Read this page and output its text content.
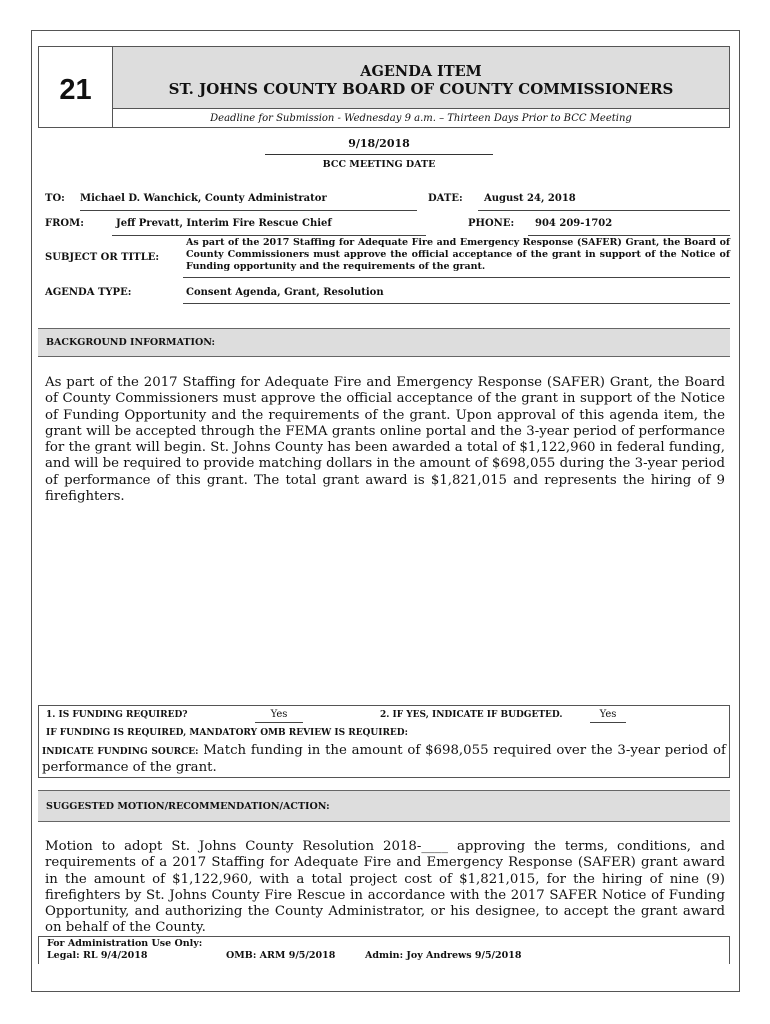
21
AGENDA ITEM
ST. JOHNS COUNTY BOARD OF COUNTY COMMISSIONERS
Deadline for Submission - Wednesday 9 a.m. – Thirteen Days Prior to BCC Meeting
9/18/2018
BCC MEETING DATE
TO: Michael D. Wanchick, County Administrator	DATE: August 24, 2018
FROM:	Jeff Prevatt, Interim Fire Rescue Chief	PHONE: 904 209-1702
SUBJECT OR TITLE:
As part of the 2017 Staffing for Adequate Fire and Emergency Response (SAFER) Grant, the Board of County Commissioners must approve the official acceptance of the grant in support of the Notice of Funding opportunity and the requirements of the grant.
AGENDA TYPE:	Consent Agenda, Grant, Resolution
BACKGROUND INFORMATION:
As part of the 2017 Staffing for Adequate Fire and Emergency Response (SAFER) Grant, the Board of County Commissioners must approve the official acceptance of the grant in support of the Notice of Funding Opportunity and the requirements of the grant. Upon approval of this agenda item, the grant will be accepted through the FEMA grants online portal and the 3-year period of performance for the grant will begin. St. Johns County has been awarded a total of $1,122,960 in federal funding, and will be required to provide matching dollars in the amount of $698,055 during the 3-year period of performance of this grant. The total grant award is $1,821,015 and represents the hiring of 9 firefighters.
1. IS FUNDING REQUIRED?	Yes	2. IF YES, INDICATE IF BUDGETED.	Yes
IF FUNDING IS REQUIRED, MANDATORY OMB REVIEW IS REQUIRED:
INDICATE FUNDING SOURCE: Match funding in the amount of $698,055 required over the 3-year period of performance of the grant.
SUGGESTED MOTION/RECOMMENDATION/ACTION:
Motion to adopt St. Johns County Resolution 2018-____ approving the terms, conditions, and requirements of a 2017 Staffing for Adequate Fire and Emergency Response (SAFER) grant award in the amount of $1,122,960, with a total project cost of $1,821,015, for the hiring of nine (9) firefighters by St. Johns County Fire Rescue in accordance with the 2017 SAFER Notice of Funding Opportunity, and authorizing the County Administrator, or his designee, to accept the grant award on behalf of the County.
For Administration Use Only:
Legal: RL 9/4/2018	OMB: ARM 9/5/2018	Admin: Joy Andrews 9/5/2018
